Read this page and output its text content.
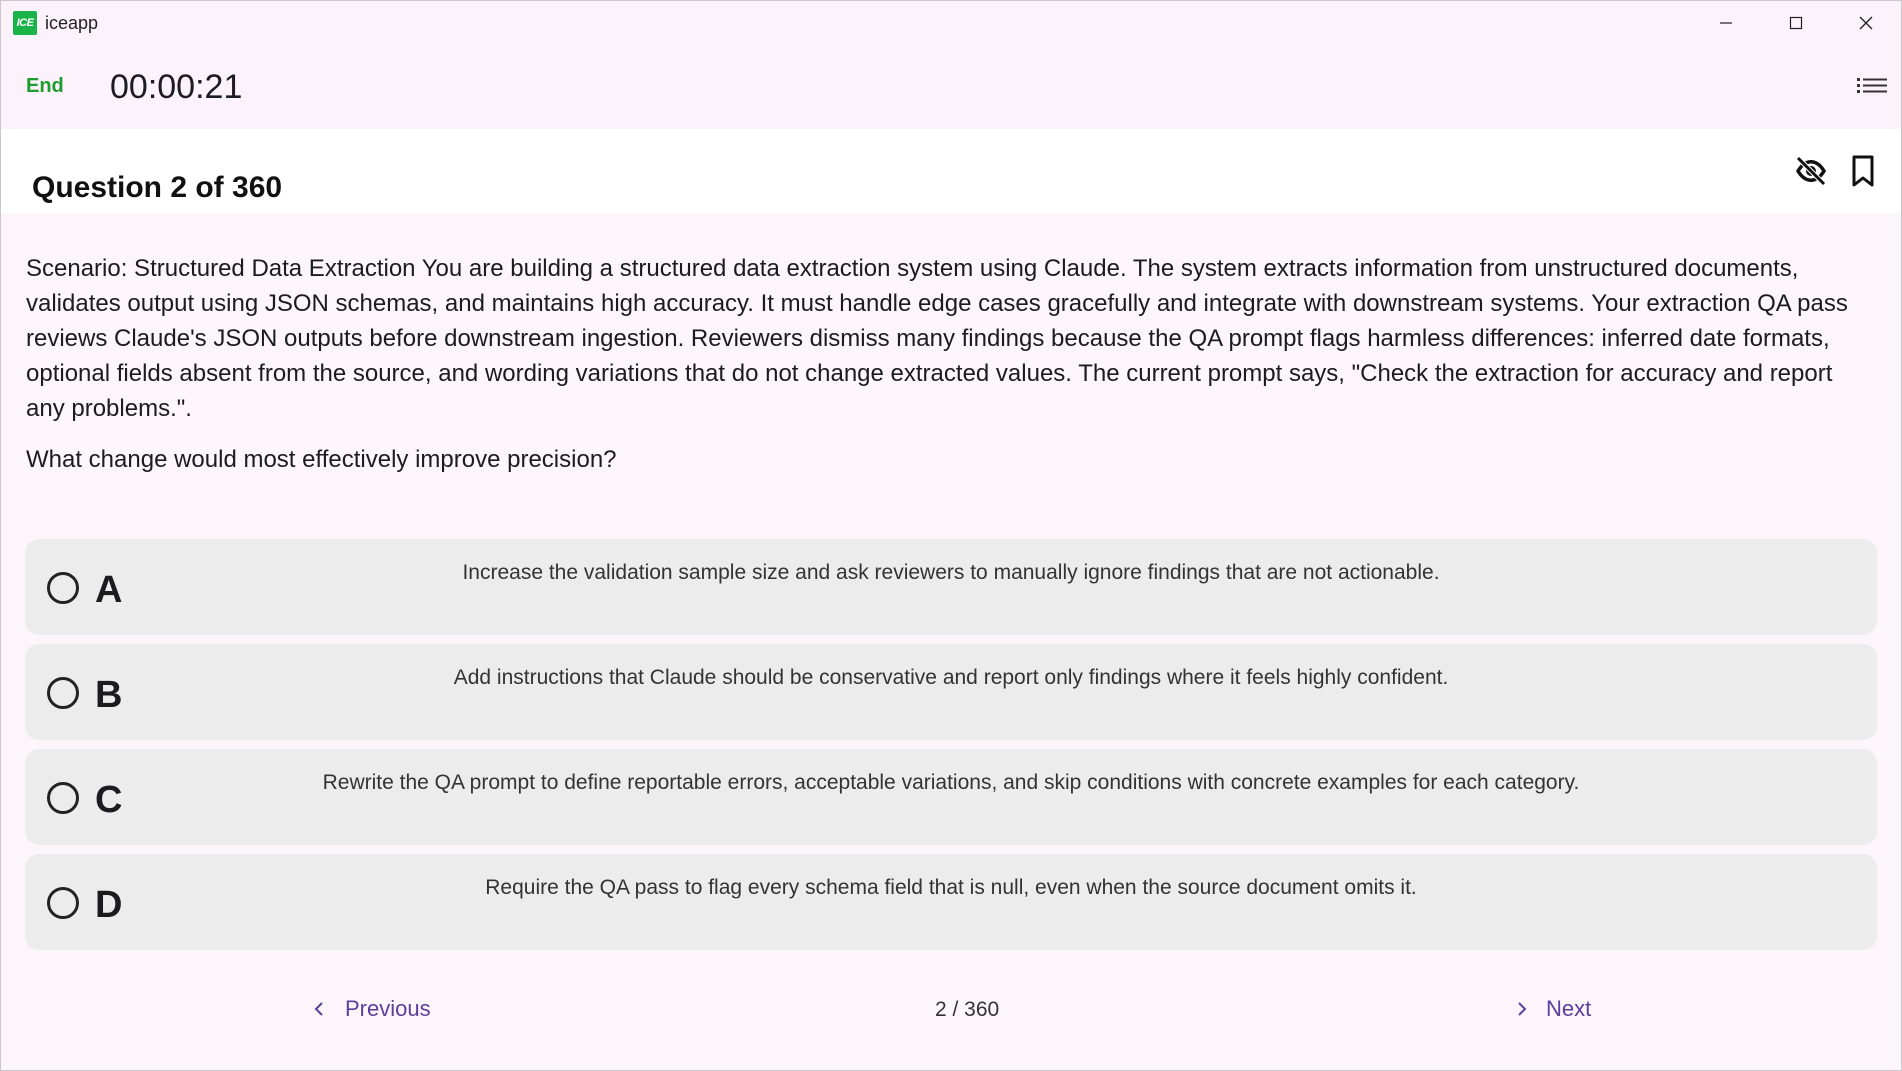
ICE iceapp
End 00:00:21
Question 2 of 360
Scenario: Structured Data Extraction You are building a structured data extraction system using Claude. The system extracts information from unstructured documents, validates output using JSON schemas, and maintains high accuracy. It must handle edge cases gracefully and integrate with downstream systems. Your extraction QA pass reviews Claude's JSON outputs before downstream ingestion. Reviewers dismiss many findings because the QA prompt flags harmless differences: inferred date formats, optional fields absent from the source, and wording variations that do not change extracted values. The current prompt says, "Check the extraction for accuracy and report any problems.".
What change would most effectively improve precision?
A	Increase the validation sample size and ask reviewers to manually ignore findings that are not actionable.
B	Add instructions that Claude should be conservative and report only findings where it feels highly confident.
C	Rewrite the QA prompt to define reportable errors, acceptable variations, and skip conditions with concrete examples for each category.
D	Require the QA pass to flag every schema field that is null, even when the source document omits it.
Previous	2 / 360	Next
